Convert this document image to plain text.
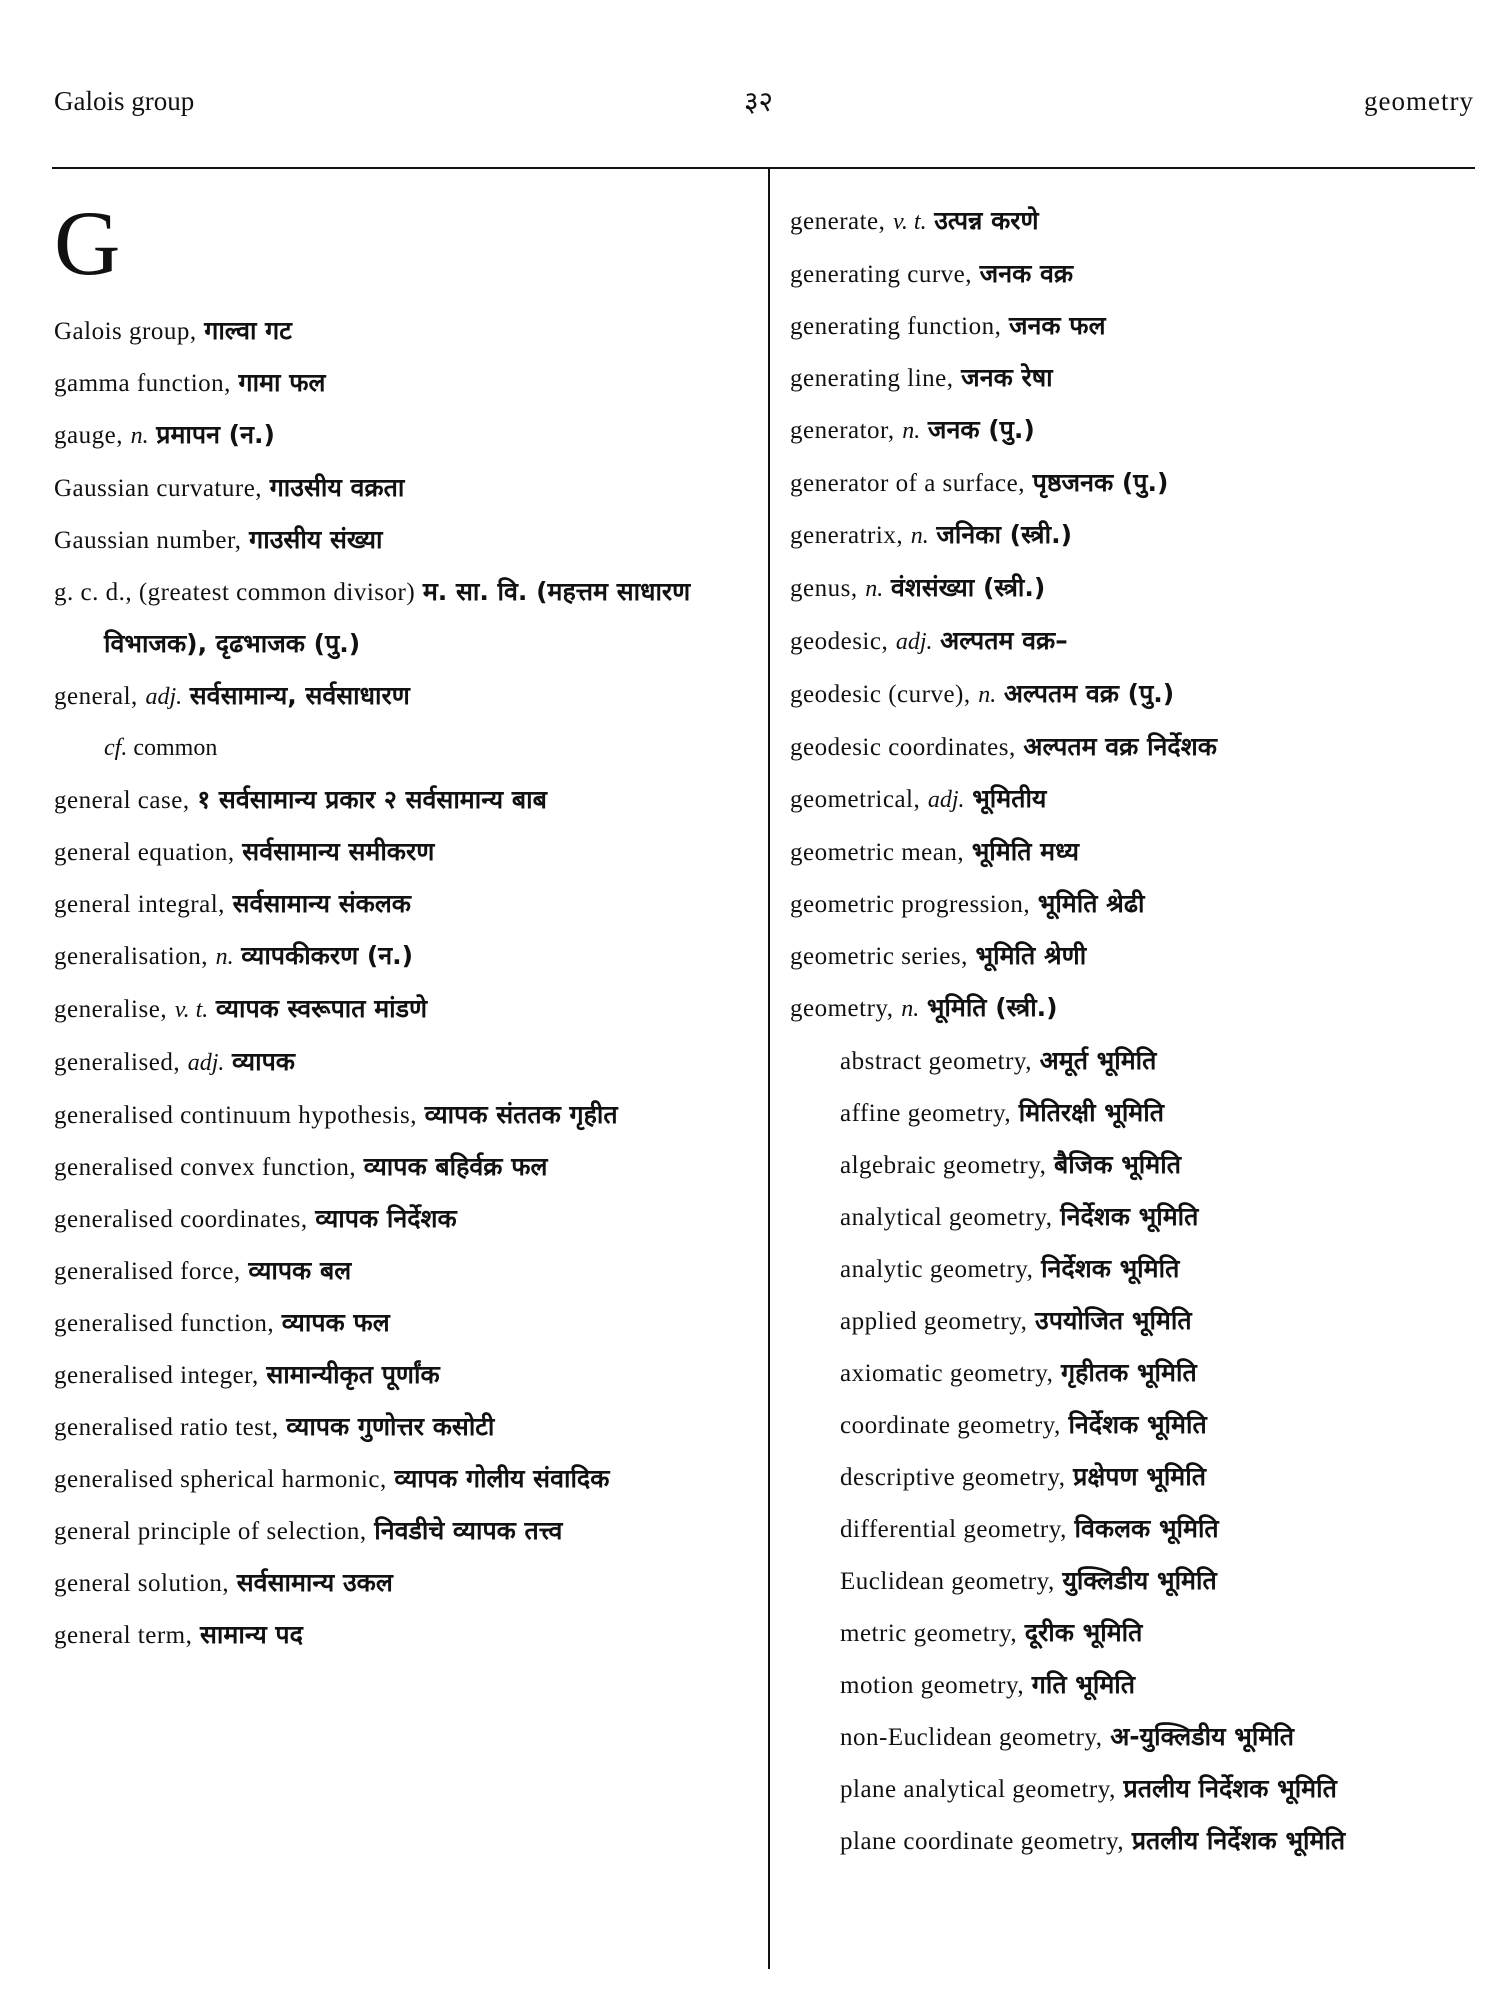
Galois group	३२	geometry
G
Galois group, गाल्वा गट
gamma function, गामा फल
gauge, n. प्रमापन (न.)
Gaussian curvature, गाउसीय वक्रता
Gaussian number, गाउसीय संख्या
g. c. d., (greatest common divisor) म. सा. वि. (महत्तम साधारण विभाजक), दृढभाजक (पु.)
general, adj. सर्वसामान्य, सर्वसाधारण
cf. common
general case, १ सर्वसामान्य प्रकार २ सर्वसामान्य बाब
general equation, सर्वसामान्य समीकरण
general integral, सर्वसामान्य संकलक
generalisation, n. व्यापकीकरण (न.)
generalise, v. t. व्यापक स्वरूपात मांडणे
generalised, adj. व्यापक
generalised continuum hypothesis, व्यापक संततक गृहीत
generalised convex function, व्यापक बहिर्वक्र फल
generalised coordinates, व्यापक निर्देशक
generalised force, व्यापक बल
generalised function, व्यापक फल
generalised integer, सामान्यीकृत पूर्णांक
generalised ratio test, व्यापक गुणोत्तर कसोटी
generalised spherical harmonic, व्यापक गोलीय संवादिक
general principle of selection, निवडीचे व्यापक तत्त्व
general solution, सर्वसामान्य उकल
general term, सामान्य पद
generate, v. t. उत्पन्न करणे
generating curve, जनक वक्र
generating function, जनक फल
generating line, जनक रेषा
generator, n. जनक (पु.)
generator of a surface, पृष्ठजनक (पु.)
generatrix, n. जनिका (स्त्री.)
genus, n. वंशसंख्या (स्त्री.)
geodesic, adj. अल्पतम वक्र–
geodesic (curve), n. अल्पतम वक्र (पु.)
geodesic coordinates, अल्पतम वक्र निर्देशक
geometrical, adj. भूमितीय
geometric mean, भूमिति मध्य
geometric progression, भूमिति श्रेढी
geometric series, भूमिति श्रेणी
geometry, n. भूमिति (स्त्री.)
abstract geometry, अमूर्त भूमिति
affine geometry, मितिरक्षी भूमिति
algebraic geometry, बैजिक भूमिति
analytical geometry, निर्देशक भूमिति
analytic geometry, निर्देशक भूमिति
applied geometry, उपयोजित भूमिति
axiomatic geometry, गृहीतक भूमिति
coordinate geometry, निर्देशक भूमिति
descriptive geometry, प्रक्षेपण भूमिति
differential geometry, विकलक भूमिति
Euclidean geometry, युक्लिडीय भूमिति
metric geometry, दूरीक भूमिति
motion geometry, गति भूमिति
non-Euclidean geometry, अ-युक्लिडीय भूमिति
plane analytical geometry, प्रतलीय निर्देशक भूमिति
plane coordinate geometry, प्रतलीय निर्देशक भूमिति
